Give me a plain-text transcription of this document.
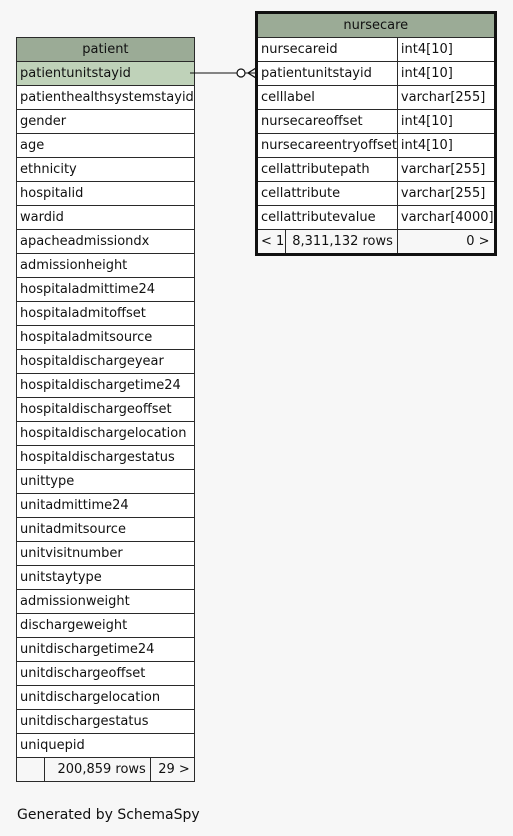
patient
patientunitstayid
patienthealthsystemstayid
gender
age
ethnicity
hospitalid
wardid
apacheadmissiondx
admissionheight
hospitaladmittime24
hospitaladmitoffset
hospitaladmitsource
hospitaldischargeyear
hospitaldischargetime24
hospitaldischargeoffset
hospitaldischargelocation
hospitaldischargestatus
unittype
unitadmittime24
unitadmitsource
unitvisitnumber
unitstaytype
admissionweight
dischargeweight
unitdischargetime24
unitdischargeoffset
unitdischargelocation
unitdischargestatus
uniquepid
	200,859 rows	29 >
nursecare		
nursecareid		int4[10]
patientunitstayid		int4[10]
celllabel		varchar[255]
nursecareoffset		int4[10]
nursecareentryoffset		int4[10]
cellattributepath		varchar[255]
cellattribute		varchar[255]
cellattributevalue		varchar[4000]
< 1	8,311,132 rows	0 >
Generated by SchemaSpy
